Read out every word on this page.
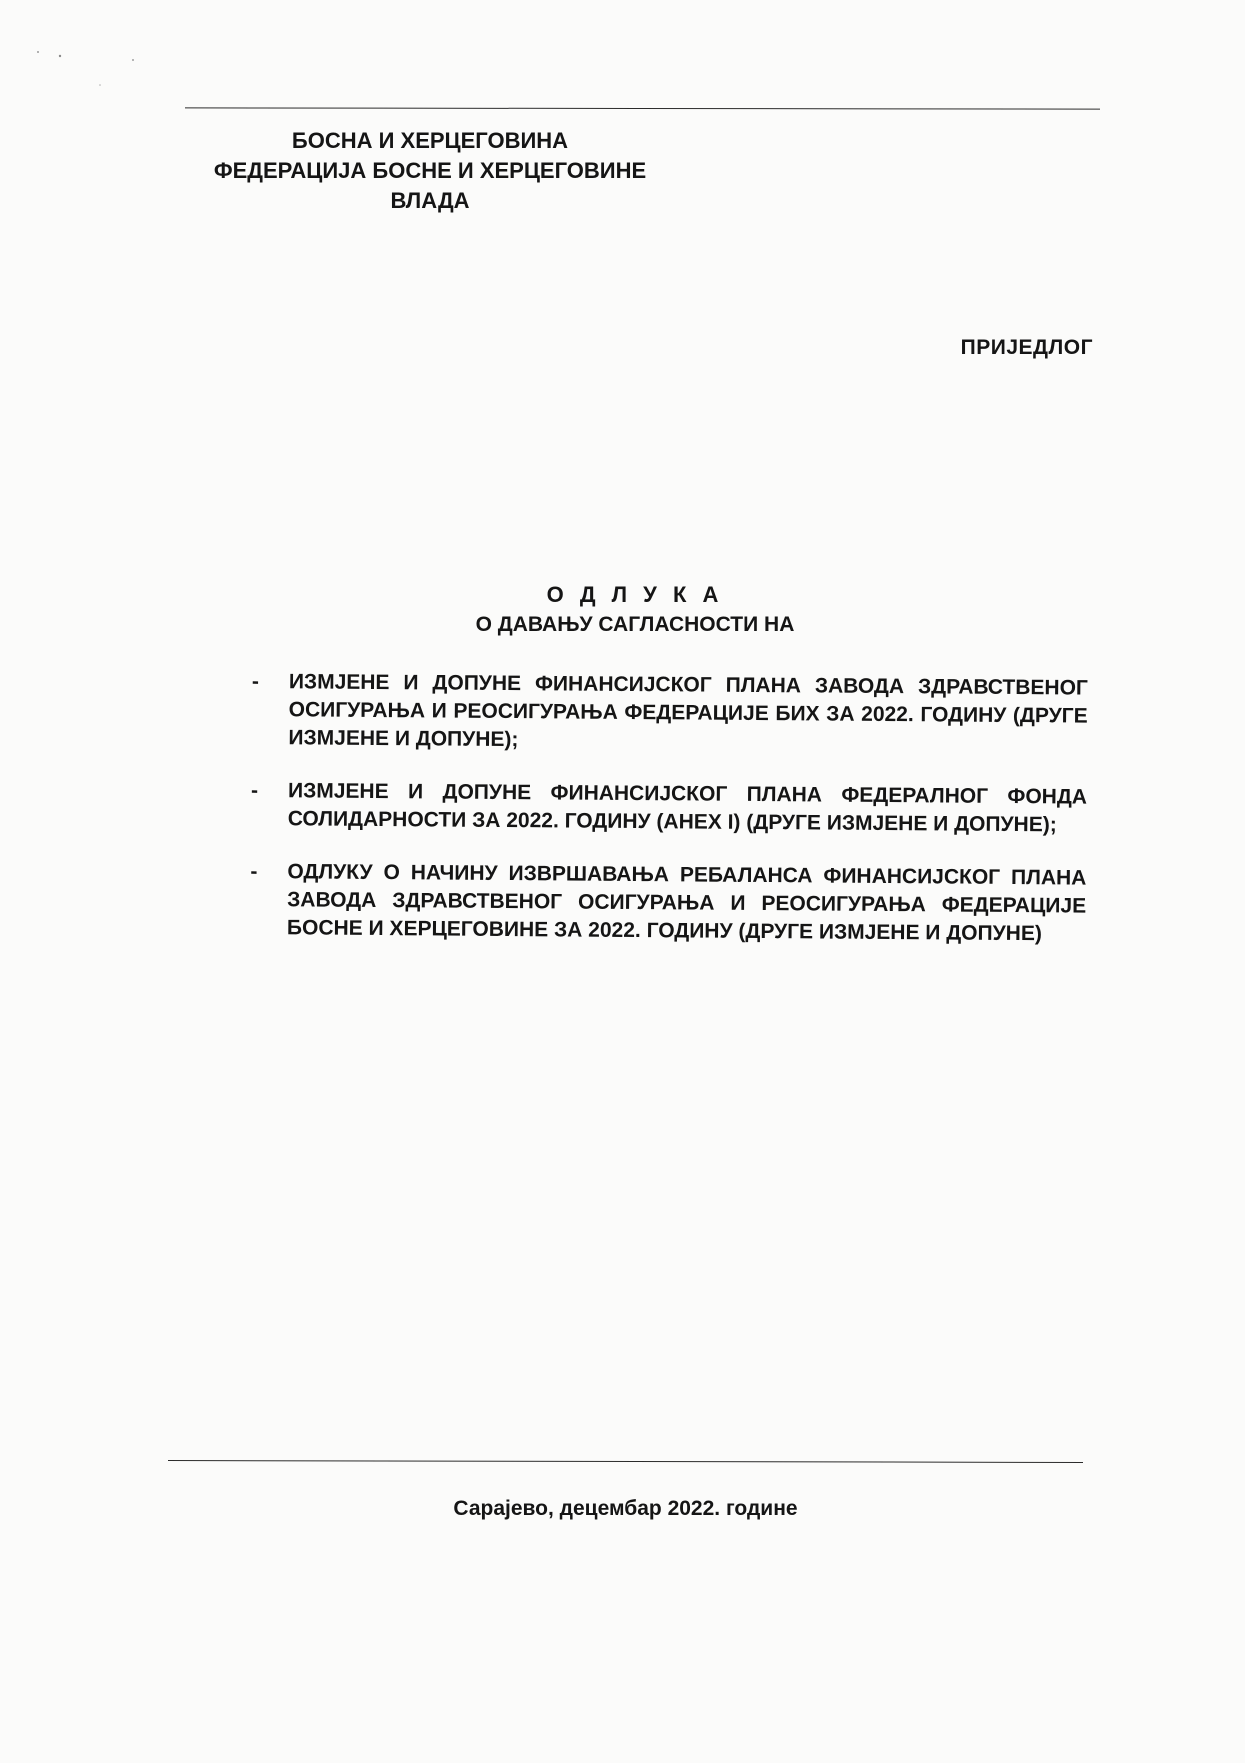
БОСНА И ХЕРЦЕГОВИНА
ФЕДЕРАЦИЈА БОСНЕ И ХЕРЦЕГОВИНЕ
ВЛАДА
ПРИЈЕДЛОГ
О Д Л У К А
О ДАВАЊУ САГЛАСНОСТИ НА
- ИЗМЈЕНЕ И ДОПУНЕ ФИНАНСИЈСКОГ ПЛАНА ЗАВОДА ЗДРАВСТВЕНОГ ОСИГУРАЊА И РЕОСИГУРАЊА ФЕДЕРАЦИЈЕ БИХ ЗА 2022. ГОДИНУ (ДРУГЕ ИЗМЈЕНЕ И ДОПУНЕ);
- ИЗМЈЕНЕ И ДОПУНЕ ФИНАНСИЈСКОГ ПЛАНА ФЕДЕРАЛНОГ ФОНДА СОЛИДАРНОСТИ ЗА 2022. ГОДИНУ (АНЕХ I) (ДРУГЕ ИЗМЈЕНЕ И ДОПУНЕ);
- ОДЛУКУ О НАЧИНУ ИЗВРШАВАЊА РЕБАЛАНСА ФИНАНСИЈСКОГ ПЛАНА ЗАВОДА ЗДРАВСТВЕНОГ ОСИГУРАЊА И РЕОСИГУРАЊА ФЕДЕРАЦИЈЕ БОСНЕ И ХЕРЦЕГОВИНЕ ЗА 2022. ГОДИНУ (ДРУГЕ ИЗМЈЕНЕ И ДОПУНЕ)
Сарајево, децембар 2022. године
